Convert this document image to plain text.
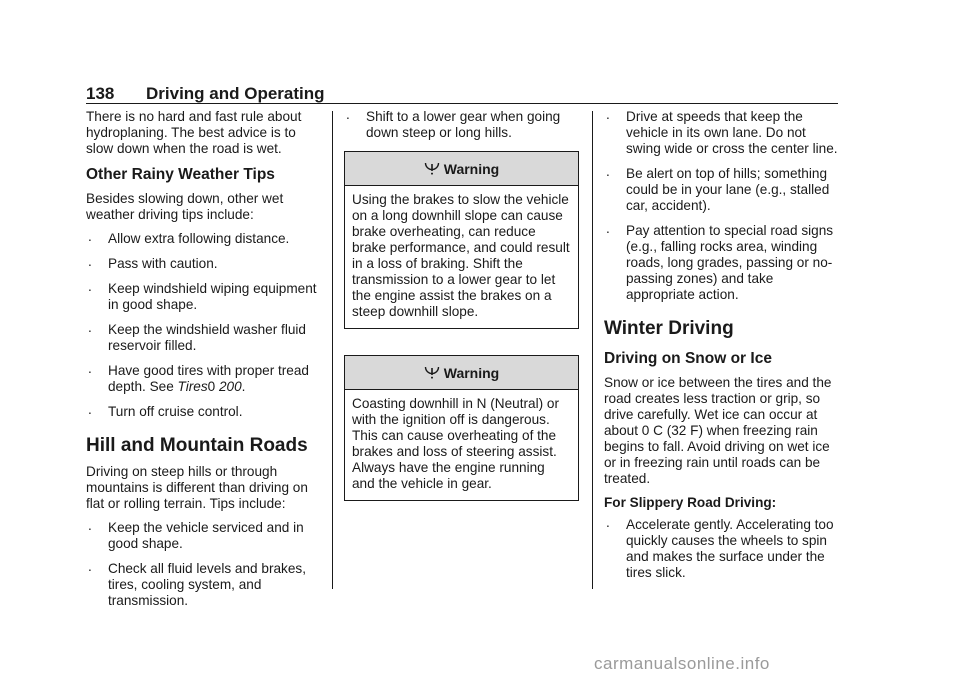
138 Driving and Operating

There is no hard and fast rule about hydroplaning. The best advice is to slow down when the road is wet.

Other Rainy Weather Tips

Besides slowing down, other wet weather driving tips include:

. Allow extra following distance.
. Pass with caution.
. Keep windshield wiping equipment in good shape.
. Keep the windshield washer fluid reservoir filled.
. Have good tires with proper tread depth. See Tires0 200.
. Turn off cruise control.
Hill and Mountain Roads

Driving on steep hills or through mountains is different than driving on flat or rolling terrain. Tips include:

. Keep the vehicle serviced and in good shape.
. Check all fluid levels and brakes, tires, cooling system, and transmission.
. Shift to a lower gear when going down steep or long hills.
Warning
Using the brakes to slow the vehicle on a long downhill slope can cause brake overheating, can reduce brake performance, and could result in a loss of braking. Shift the transmission to a lower gear to let the engine assist the brakes on a steep downhill slope.
Warning
Coasting downhill in N (Neutral) or with the ignition off is dangerous. This can cause overheating of the brakes and loss of steering assist. Always have the engine running and the vehicle in gear.
. Drive at speeds that keep the vehicle in its own lane. Do not swing wide or cross the center line.
. Be alert on top of hills; something could be in your lane (e.g., stalled car, accident).
. Pay attention to special road signs (e.g., falling rocks area, winding roads, long grades, passing or no-passing zones) and take appropriate action.
Winter Driving
Driving on Snow or Ice

Snow or ice between the tires and the road creates less traction or grip, so drive carefully. Wet ice can occur at about 0 C (32 F) when freezing rain begins to fall. Avoid driving on wet ice or in freezing rain until roads can be treated.

For Slippery Road Driving:
. Accelerate gently. Accelerating too quickly causes the wheels to spin and makes the surface under the tires slick.
carmanualsonline.info
